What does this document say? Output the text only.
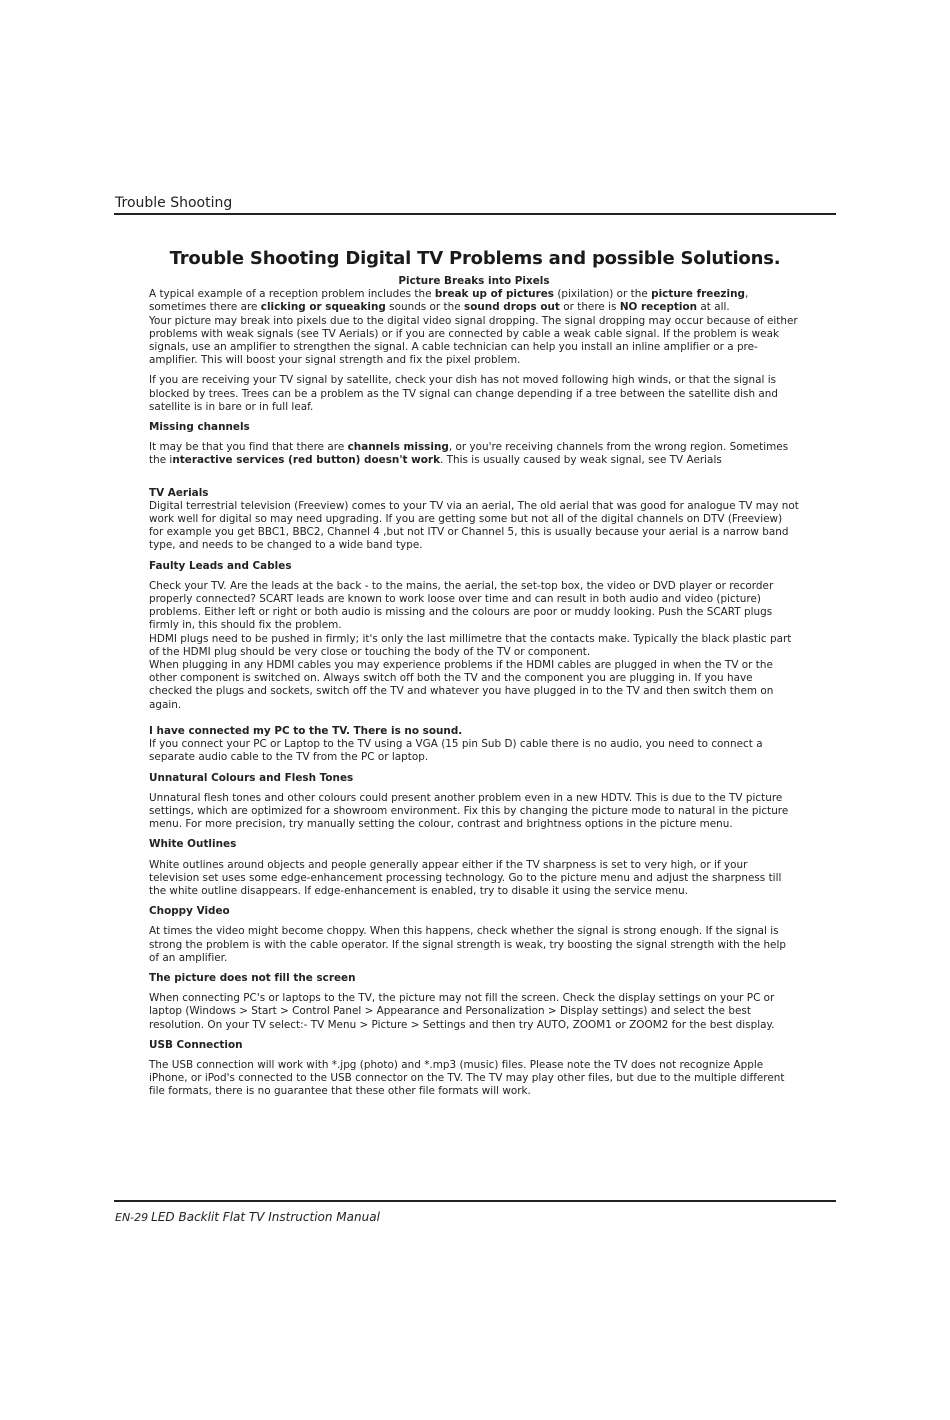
Trouble Shooting
Trouble Shooting Digital TV Problems and possible Solutions.

Picture Breaks into Pixels

A typical example of a reception problem includes the break up of pictures (pixilation) or the picture freezing, sometimes there are clicking or squeaking sounds or the sound drops out or there is NO reception at all.

Your picture may break into pixels due to the digital video signal dropping. The signal dropping may occur because of either problems with weak signals (see TV Aerials) or if you are connected by cable a weak cable signal. If the problem is weak signals, use an amplifier to strengthen the signal. A cable technician can help you install an inline amplifier or a pre-amplifier. This will boost your signal strength and fix the pixel problem.

If you are receiving your TV signal by satellite, check your dish has not moved following high winds, or that the signal is blocked by trees. Trees can be a problem as the TV signal can change depending if a tree between the satellite dish and satellite is in bare or in full leaf.

Missing channels

It may be that you find that there are channels missing, or you're receiving channels from the wrong region. Sometimes the interactive services (red button) doesn't work. This is usually caused by weak signal, see TV Aerials

TV Aerials

Digital terrestrial television (Freeview) comes to your TV via an aerial, The old aerial that was good for analogue TV may not work well for digital so may need upgrading. If you are getting some but not all of the digital channels on DTV (Freeview) for example you get BBC1, BBC2, Channel 4 ,but not ITV or Channel 5, this is usually because your aerial is a narrow band type, and needs to be changed to a wide band type.

Faulty Leads and Cables

Check your TV. Are the leads at the back - to the mains, the aerial, the set-top box, the video or DVD player or recorder properly connected? SCART leads are known to work loose over time and can result in both audio and video (picture) problems. Either left or right or both audio is missing and the colours are poor or muddy looking. Push the SCART plugs firmly in, this should fix the problem.

HDMI plugs need to be pushed in firmly; it's only the last millimetre that the contacts make. Typically the black plastic part of the HDMI plug should be very close or touching the body of the TV or component.

When plugging in any HDMI cables you may experience problems if the HDMI cables are plugged in when the TV or the other component is switched on. Always switch off both the TV and the component you are plugging in. If you have checked the plugs and sockets, switch off the TV and whatever you have plugged in to the TV and then switch them on again.

I have connected my PC to the TV. There is no sound.

If you connect your PC or Laptop to the TV using a VGA (15 pin Sub D) cable there is no audio, you need to connect a separate audio cable to the TV from the PC or laptop.

Unnatural Colours and Flesh Tones

Unnatural flesh tones and other colours could present another problem even in a new HDTV. This is due to the TV picture settings, which are optimized for a showroom environment. Fix this by changing the picture mode to natural in the picture menu. For more precision, try manually setting the colour, contrast and brightness options in the picture menu.

White Outlines

White outlines around objects and people generally appear either if the TV sharpness is set to very high, or if your television set uses some edge-enhancement processing technology. Go to the picture menu and adjust the sharpness till the white outline disappears. If edge-enhancement is enabled, try to disable it using the service menu.

Choppy Video

At times the video might become choppy. When this happens, check whether the signal is strong enough. If the signal is strong the problem is with the cable operator. If the signal strength is weak, try boosting the signal strength with the help of an amplifier.

The picture does not fill the screen

When connecting PC's or laptops to the TV, the picture may not fill the screen. Check the display settings on your PC or laptop (Windows > Start > Control Panel > Appearance and Personalization > Display settings) and select the best resolution. On your TV select:- TV Menu > Picture > Settings and then try AUTO, ZOOM1 or ZOOM2 for the best display.

USB Connection

The USB connection will work with *.jpg (photo) and *.mp3 (music) files. Please note the TV does not recognize Apple iPhone, or iPod's connected to the USB connector on the TV. The TV may play other files, but due to the multiple different file formats, there is no guarantee that these other file formats will work.

EN-29 LED Backlit Flat TV Instruction Manual
